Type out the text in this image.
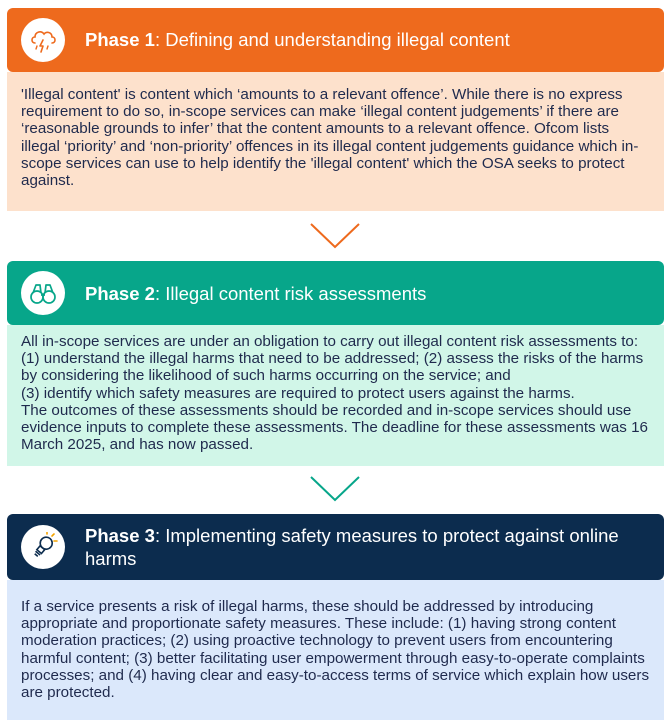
Phase 1: Defining and understanding illegal content

'Illegal content' is content which ‘amounts to a relevant offence’. While there is no express requirement to do so, in-scope services can make ‘illegal content judgements’ if there are ‘reasonable grounds to infer’ that the content amounts to a relevant offence. Ofcom lists illegal ‘priority’ and ‘non-priority’ offences in its illegal content judgements guidance which in-scope services can use to help identify the 'illegal content' which the OSA seeks to protect against.

Phase 2: Illegal content risk assessments

All in-scope services are under an obligation to carry out illegal content risk assessments to: (1) understand the illegal harms that need to be addressed; (2) assess the risks of the harms by considering the likelihood of such harms occurring on the service; and

(3) identify which safety measures are required to protect users against the harms.

The outcomes of these assessments should be recorded and in-scope services should use evidence inputs to complete these assessments. The deadline for these assessments was 16 March 2025, and has now passed.

Phase 3: Implementing safety measures to protect against online harms

If a service presents a risk of illegal harms, these should be addressed by introducing appropriate and proportionate safety measures. These include: (1) having strong content moderation practices; (2) using proactive technology to prevent users from encountering harmful content; (3) better facilitating user empowerment through easy-to-operate complaints processes; and (4) having clear and easy-to-access terms of service which explain how users are protected.
